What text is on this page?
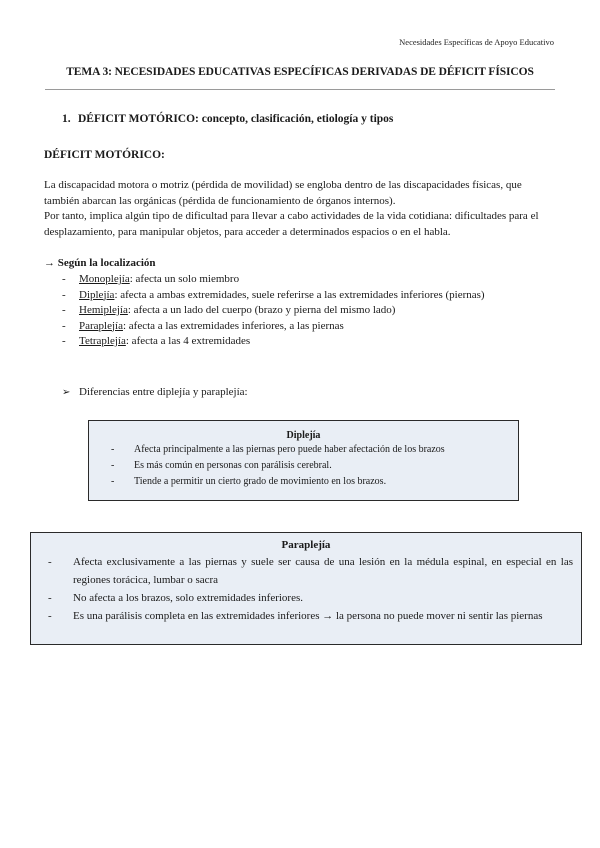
Necesidades Específicas de Apoyo Educativo
TEMA 3: NECESIDADES EDUCATIVAS ESPECÍFICAS DERIVADAS DE DÉFICIT FÍSICOS
1. DÉFICIT MOTÓRICO: concepto, clasificación, etiología y tipos
DÉFICIT MOTÓRICO:
La discapacidad motora o motriz (pérdida de movilidad) se engloba dentro de las discapacidades físicas, que también abarcan las orgánicas (pérdida de funcionamiento de órganos internos).
Por tanto, implica algún tipo de dificultad para llevar a cabo actividades de la vida cotidiana: dificultades para el desplazamiento, para manipular objetos, para acceder a determinados espacios o en el habla.
→ Según la localización
- Monoplejía: afecta un solo miembro
- Diplejía: afecta a ambas extremidades, suele referirse a las extremidades inferiores (piernas)
- Hemiplejía: afecta a un lado del cuerpo (brazo y pierna del mismo lado)
- Paraplejía: afecta a las extremidades inferiores, a las piernas
- Tetraplejía: afecta a las 4 extremidades
➢ Diferencias entre diplejía y paraplejía:
Diplejía
- Afecta principalmente a las piernas pero puede haber afectación de los brazos
- Es más común en personas con parálisis cerebral.
- Tiende a permitir un cierto grado de movimiento en los brazos.
Paraplejía
- Afecta exclusivamente a las piernas y suele ser causa de una lesión en la médula espinal, en especial en las regiones torácica, lumbar o sacra
- No afecta a los brazos, solo extremidades inferiores.
- Es una parálisis completa en las extremidades inferiores → la persona no puede mover ni sentir las piernas
